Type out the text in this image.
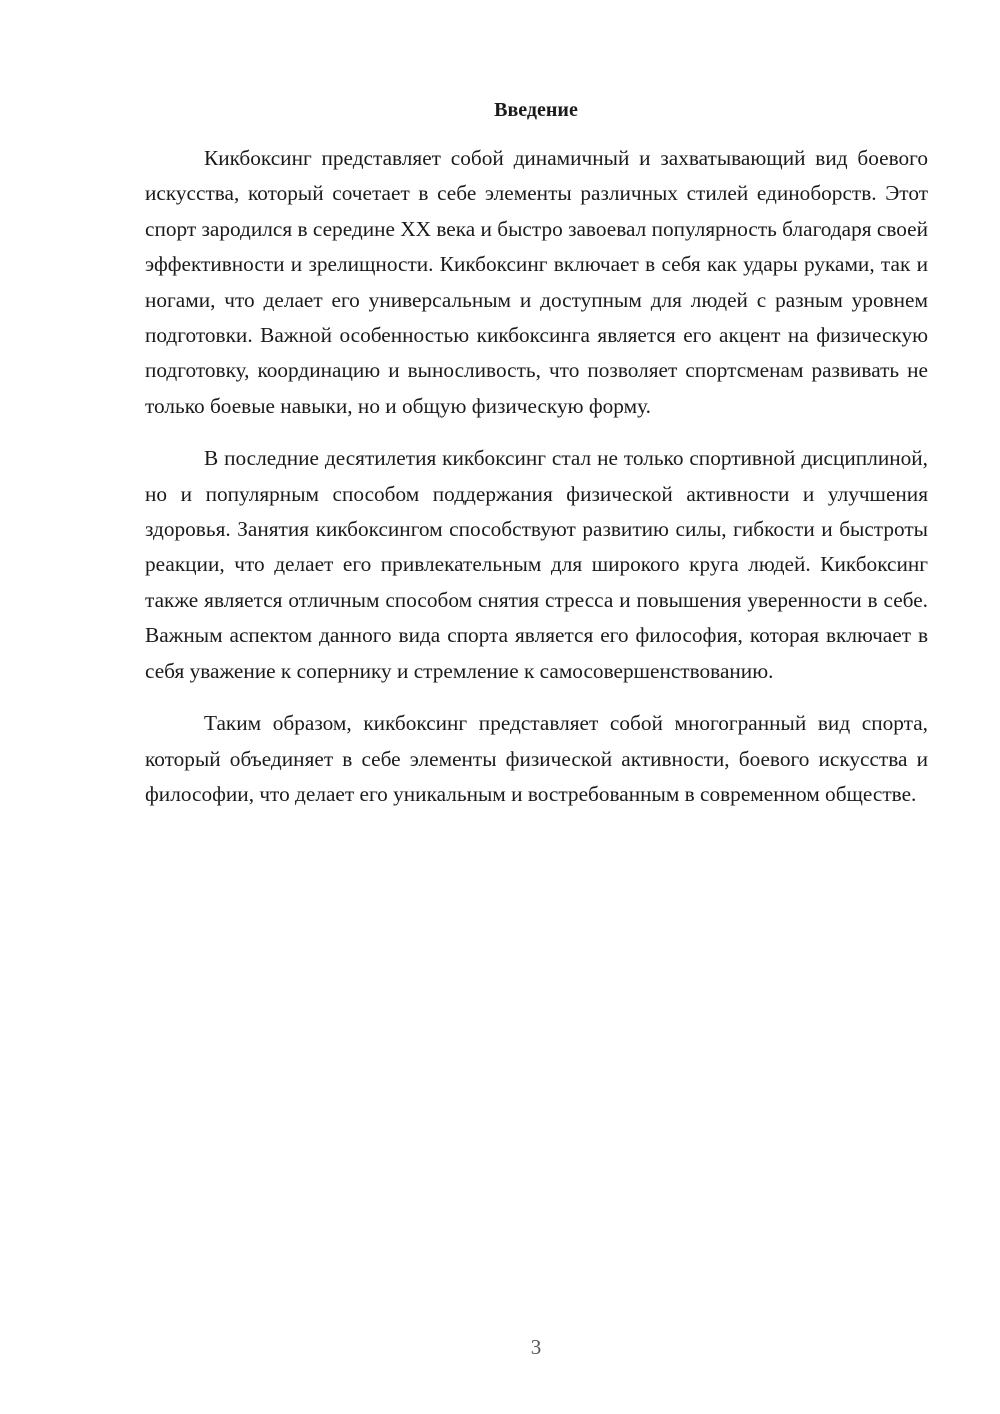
Введение

Кикбоксинг представляет собой динамичный и захватывающий вид боевого искусства, который сочетает в себе элементы различных стилей единоборств. Этот спорт зародился в середине XX века и быстро завоевал популярность благодаря своей эффективности и зрелищности. Кикбоксинг включает в себя как удары руками, так и ногами, что делает его универсальным и доступным для людей с разным уровнем подготовки. Важной особенностью кикбоксинга является его акцент на физическую подготовку, координацию и выносливость, что позволяет спортсменам развивать не только боевые навыки, но и общую физическую форму.

В последние десятилетия кикбоксинг стал не только спортивной дисциплиной, но и популярным способом поддержания физической активности и улучшения здоровья. Занятия кикбоксингом способствуют развитию силы, гибкости и быстроты реакции, что делает его привлекательным для широкого круга людей. Кикбоксинг также является отличным способом снятия стресса и повышения уверенности в себе. Важным аспектом данного вида спорта является его философия, которая включает в себя уважение к сопернику и стремление к самосовершенствованию.

Таким образом, кикбоксинг представляет собой многогранный вид спорта, который объединяет в себе элементы физической активности, боевого искусства и философии, что делает его уникальным и востребованным в современном обществе.

3
